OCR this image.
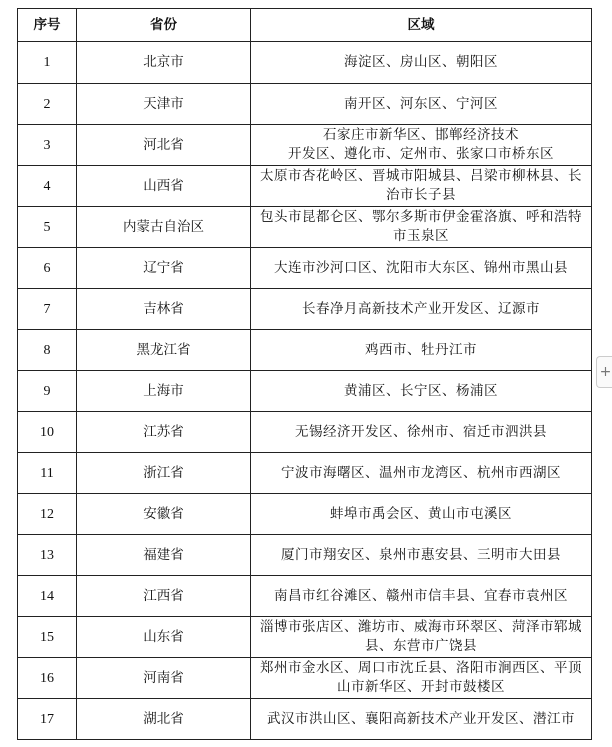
序号	省份	区域
1	北京市	海淀区、房山区、朝阳区
2	天津市	南开区、河东区、宁河区
3	河北省	石家庄市新华区、邯郸经济技术
开发区、遵化市、定州市、张家口市桥东区

4	山西省	太原市杏花岭区、晋城市阳城县、吕梁市柳林县、长
治市长子县

5	内蒙古自治区	包头市昆都仑区、鄂尔多斯市伊金霍洛旗、呼和浩特
市玉泉区

6	辽宁省	大连市沙河口区、沈阳市大东区、锦州市黑山县
7	吉林省	长春净月高新技术产业开发区、辽源市
8	黑龙江省	鸡西市、牡丹江市
9	上海市	黄浦区、长宁区、杨浦区
10	江苏省	无锡经济开发区、徐州市、宿迁市泗洪县
11	浙江省	宁波市海曙区、温州市龙湾区、杭州市西湖区
12	安徽省	蚌埠市禹会区、黄山市屯溪区
13	福建省	厦门市翔安区、泉州市惠安县、三明市大田县
14	江西省	南昌市红谷滩区、赣州市信丰县、宜春市袁州区
15	山东省	淄博市张店区、潍坊市、威海市环翠区、菏泽市郓城
县、东营市广饶县

16	河南省	郑州市金水区、周口市沈丘县、洛阳市涧西区、平顶
山市新华区、开封市鼓楼区

17	湖北省	武汉市洪山区、襄阳高新技术产业开发区、潜江市
+
